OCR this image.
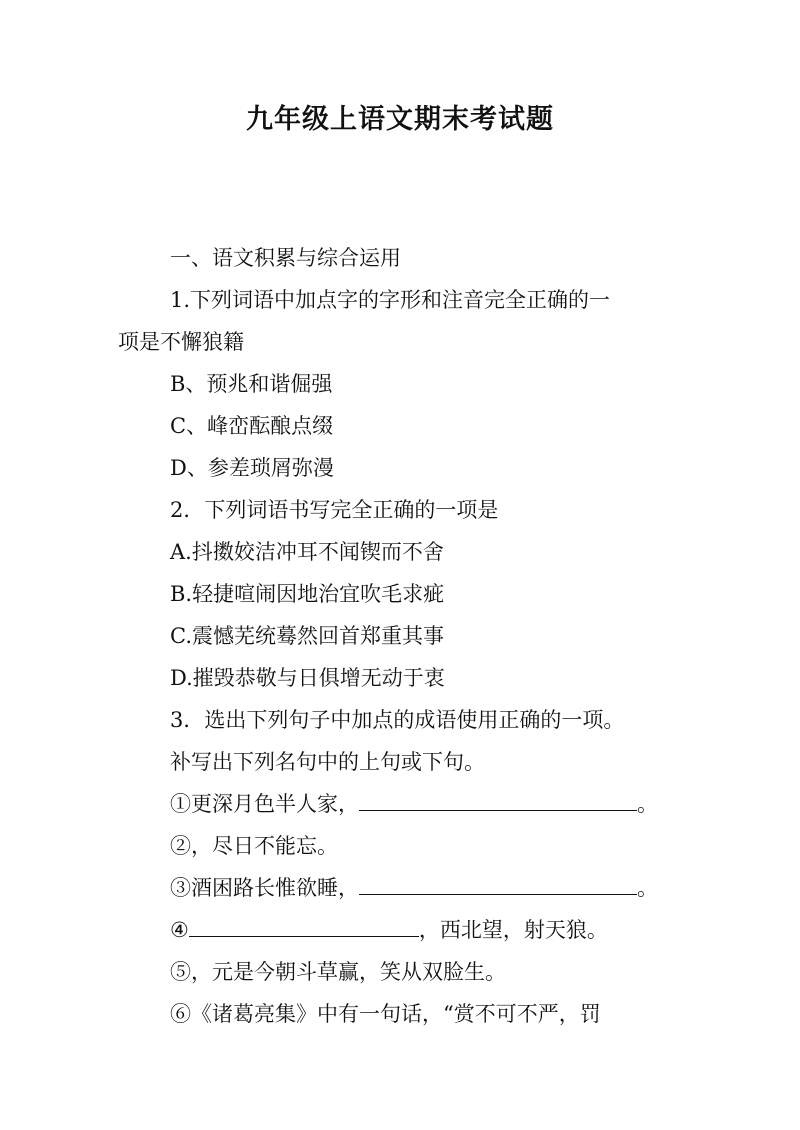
九年级上语文期末考试题
一、语文积累与综合运用
1.下列词语中加点字的字形和注音完全正确的一
项是不懈狼籍
B、预兆和谐倔强
C、峰峦酝酿点缀
D、参差琐屑弥漫
2．下列词语书写完全正确的一项是
A.抖擞姣洁冲耳不闻锲而不舍
B.轻捷喧闹因地治宜吹毛求疵
C.震憾芜统蓦然回首郑重其事
D.摧毁恭敬与日俱增无动于衷
3．选出下列句子中加点的成语使用正确的一项。
补写出下列名句中的上句或下句。
①更深月色半人家，	。
②，尽日不能忘。
③酒困路长惟欲睡，	。
④	，西北望，射天狼。
⑤，元是今朝斗草赢，笑从双脸生。
⑥《诸葛亮集》中有一句话，“赏不可不严，罚
